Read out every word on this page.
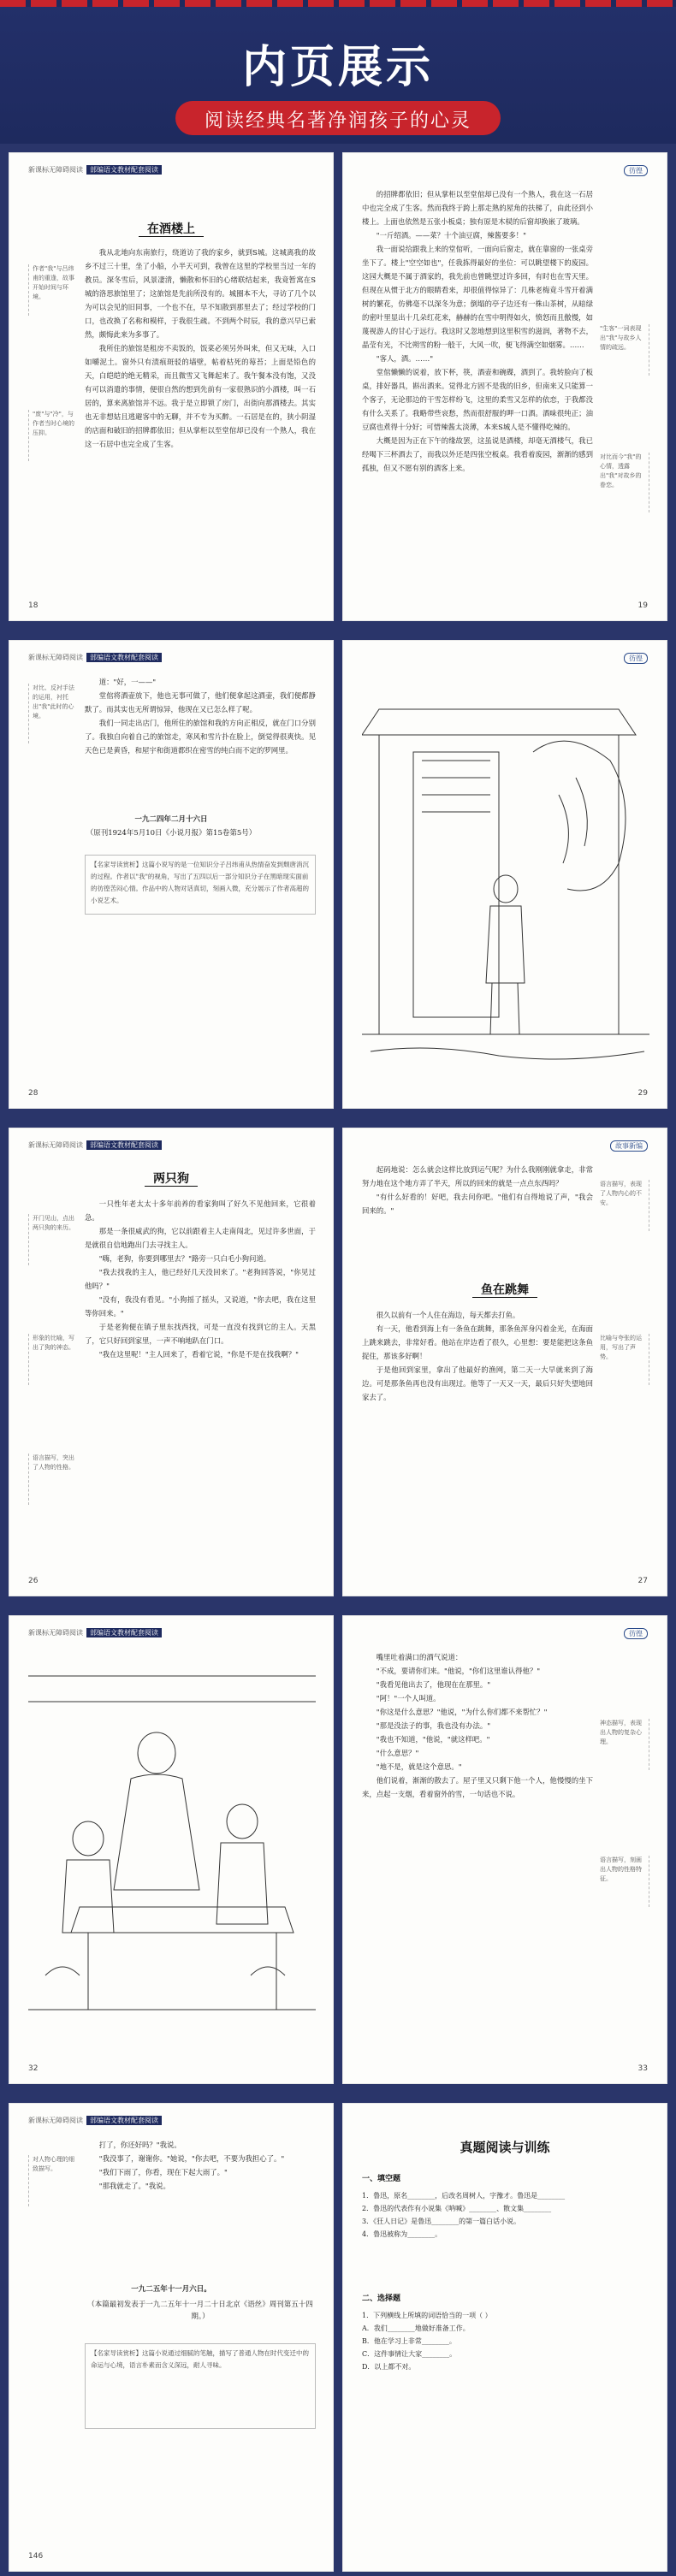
内页展示
阅读经典名著净润孩子的心灵
新课标无障碍阅读 部编语文教材配套阅读
在酒楼上
作者"我"与吕纬甫的重逢，故事开始时间与环境。
"废"与"冷"，与作者当时心境的压抑。

我从北地向东南旅行，绕道访了我的家乡，就到S城。这城离我的故乡不过三十里，坐了小船，小半天可到，我曾在这里的学校里当过一年的教员。深冬雪后，风景凄清，懒散和怀旧的心绪联结起来，我竟暂寓在S城的洛思旅馆里了；这旅馆是先前所没有的。城圈本不大，寻访了几个以为可以会见的旧同事，一个也不在，早不知散到那里去了；经过学校的门口，也改换了名称和模样，于我很生疏。不到两个时辰，我的意兴早已索然，颇悔此来为多事了。

我所住的旅馆是租房不卖饭的，饭菜必须另外叫来，但又无味，入口如嚼泥土。窗外只有渍痕斑驳的墙壁，帖着枯死的莓苔；上面是铅色的天，白皑皑的绝无精采，而且微雪又飞舞起来了。我午餐本没有饱，又没有可以消遣的事情，便很自然的想到先前有一家很熟识的小酒楼，叫一石居的，算来离旅馆并不远。我于是立即锁了房门，出街向那酒楼去。其实也无非想姑且逃避客中的无聊，并不专为买醉。一石居是在的，狭小阴湿的店面和破旧的招牌都依旧；但从掌柜以至堂倌却已没有一个熟人，我在这一石居中也完全成了生客。

18
彷徨

的招牌都依旧；但从掌柜以至堂倌却已没有一个熟人，我在这一石居中也完全成了生客。然而我终于跨上那走熟的屋角的扶梯了，由此径到小楼上。上面也依然是五张小板桌；独有原是木棂的后窗却换嵌了玻璃。

"一斤绍酒。——菜？十个油豆腐，辣酱要多！"

我一面说给跟我上来的堂倌听，一面向后窗走，就在靠窗的一张桌旁坐下了。楼上"空空如也"，任我拣得最好的坐位：可以眺望楼下的废园。这园大概是不属于酒家的，我先前也曾眺望过许多回，有时也在雪天里。但现在从惯于北方的眼睛看来，却很值得惊异了：几株老梅竟斗雪开着满树的繁花，仿佛毫不以深冬为意；倒塌的亭子边还有一株山茶树，从暗绿的密叶里显出十几朵红花来，赫赫的在雪中明得如火，愤怒而且傲慢，如蔑视游人的甘心于远行。我这时又忽地想到这里积雪的滋润，著物不去，晶莹有光，不比朔雪的粉一般干，大风一吹，便飞得满空如烟雾。……

"客人，酒。……"

堂倌懒懒的说着，放下杯，筷，酒壶和碗碟，酒到了。我转脸向了板桌，排好器具，斟出酒来。觉得北方固不是我的旧乡，但南来又只能算一个客子，无论那边的干雪怎样纷飞，这里的柔雪又怎样的依恋，于我都没有什么关系了。我略带些哀愁，然而很舒服的呷一口酒。酒味很纯正；油豆腐也煮得十分好；可惜辣酱太淡薄，本来S城人是不懂得吃辣的。

大概是因为正在下午的缘故罢，这虽说是酒楼，却毫无酒楼气，我已经喝下三杯酒去了，而我以外还是四张空板桌。我看着废园，渐渐的感到孤独，但又不愿有别的酒客上来。

"生客"一词表现出"我"与故乡人情的疏远。
对比而今"我"的心情，透露出"我"对故乡的眷恋。
19
新课标无障碍阅读 部编语文教材配套阅读
对比、反衬手法的运用，衬托出"我"此时的心境。

道："好，一——"

堂倌将酒壶放下，他也无事可做了，他们便拿起这酒壶，我们便都静默了。而其实也无所谓惊异，他现在又已怎么样了呢。

我们一同走出店门，他所住的旅馆和我的方向正相反，就在门口分别了。我独自向着自己的旅馆走，寒风和雪片扑在脸上，倒觉得很爽快。见天色已是黄昏，和屋宇和街道都织在密雪的纯白而不定的罗网里。

一九二四年二月十六日
（原刊1924年5月10日《小说月报》第15卷第5号）
【名家导读赏析】这篇小说写的是一位知识分子吕纬甫从热情奋发到颓唐消沉的过程。作者以"我"的视角，写出了五四以后一部分知识分子在黑暗现实面前的彷徨苦闷心情。作品中的人物对话真切，刻画入微，充分展示了作者高超的小说艺术。
28
彷徨
29
新课标无障碍阅读 部编语文教材配套阅读
两只狗
开门见山，点出两只狗的来历。
形象的比喻，写出了狗的神态。
语言描写，突出了人物的性格。

一只性年老太太十多年前养的看家狗叫了好久不见他回来，它很着急。

那是一条很威武的狗，它以前跟着主人走南闯北，见过许多世面，于是就很自信地跑出门去寻找主人。

"嗨，老狗，你要到哪里去？"路旁一只白毛小狗问道。

"我去找我的主人，他已经好几天没回来了。"老狗回答说，"你见过他吗？"

"没有，我没有看见。"小狗摇了摇头，又说道，"你去吧，我在这里等你回来。"

于是老狗便在镇子里东找西找，可是一直没有找到它的主人。天黑了，它只好回到家里，一声不响地趴在门口。

"我在这里呢！"主人回来了，看着它说，"你是不是在找我啊？"

26
故事新编

起码地说：怎么就会这样比放到运气呢？为什么我刚刚就拿走，非常努力地在这个地方弄了半天，所以的回来的就是一点点东西吗？

"有什么好看的！好吧，我去问你吧。"他们有自得地说了声，"我会回来的。"

鱼在跳舞

很久以前有一个人住在海边，每天都去打鱼。

有一天，他看到海上有一条鱼在跳舞，那条鱼浑身闪着金光，在海面上跳来跳去，非常好看。他站在岸边看了很久，心里想：要是能把这条鱼捉住，那该多好啊！

于是他回到家里，拿出了他最好的渔网，第二天一大早就来到了海边。可是那条鱼再也没有出现过。他等了一天又一天，最后只好失望地回家去了。

语言描写，表现了人物内心的不安。
比喻与夸张的运用，写出了声势。
27
新课标无障碍阅读 部编语文教材配套阅读
32
彷徨

嘴里吐着满口的酒气说道：

"不成，要请你们来。"他说，"你们这里谁认得他？"

"我看见他出去了，他现在在那里。"

"阿！"一个人叫道。

"你这是什么意思？"他说，"为什么你们都不来帮忙？"

"那是没法子的事，我也没有办法。"

"我也不知道，"他说，"就这样吧。"

"什么意思？"

"地不是，就是这个意思。"

他们说着，渐渐的散去了。屋子里又只剩下他一个人，他慢慢的坐下来，点起一支烟，看着窗外的雪，一句话也不说。

神态描写，表现出人物的复杂心理。
语言描写，刻画出人物的性格特征。
33
新课标无障碍阅读 部编语文教材配套阅读
对人物心理的细致描写。

打了，你还好吗？"我说。

"我没事了，谢谢你。"她说，"你去吧，不要为我担心了。"

"我们下雨了，你看，现在下起大雨了。"

"那我就走了。"我说。

一九二五年十一月六日。
（本篇最初发表于一九二五年十一月二十日北京《语丝》周刊第五十四期。）
【名家导读赏析】这篇小说通过细腻的笔触，描写了普通人物在时代变迁中的命运与心境，语言朴素而含义深远，耐人寻味。
146
真题阅读与训练
一、填空题
1．鲁迅，原名________，后改名周树人，字豫才。鲁迅是________
2．鲁迅的代表作有小说集《呐喊》________、散文集________
3．《狂人日记》是鲁迅________的第一篇白话小说。
4．鲁迅被称为________。
二、选择题
1．下列横线上所填的词语恰当的一项（ ）
A．我们________地做好准备工作。
B．他在学习上非常________。
C．这件事情让大家________。
D．以上都不对。
